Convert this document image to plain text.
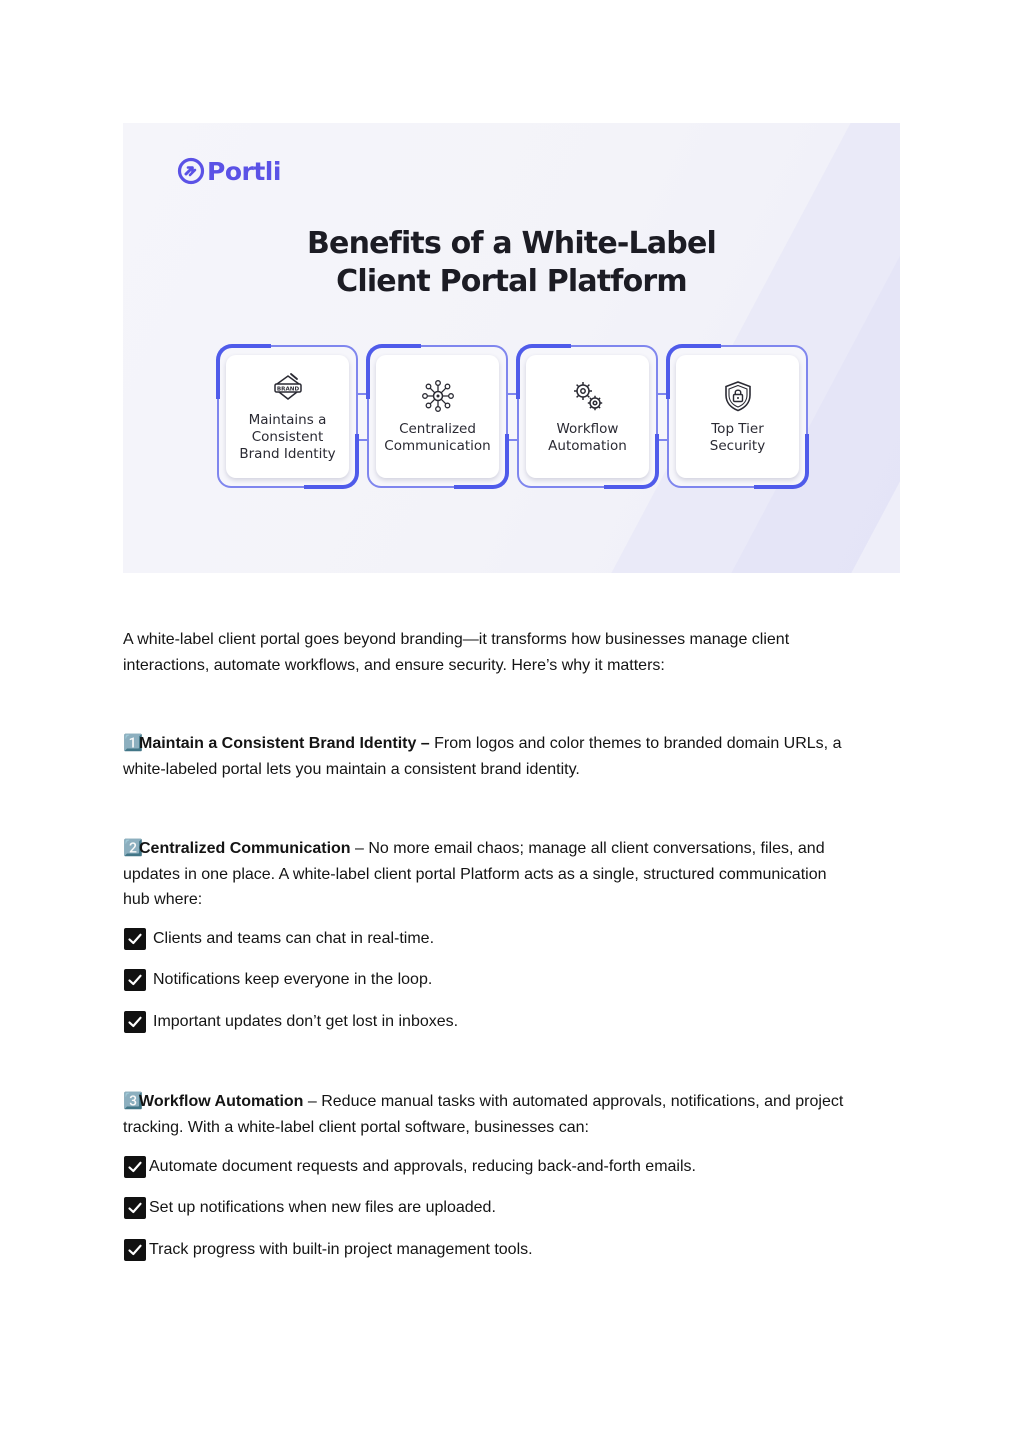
Portli
Benefits of a White-Label
Client Portal Platform
BRAND
Maintains a
Consistent
Brand Identity
Centralized
Communication
Workflow
Automation
Top Tier
Security
A white-label client portal goes beyond branding—it transforms how businesses manage client
interactions, automate workflows, and ensure security. Here’s why it matters:
1️⃣Maintain a Consistent Brand Identity – From logos and color themes to branded domain URLs, a
white-labeled portal lets you maintain a consistent brand identity.
2️⃣Centralized Communication – No more email chaos; manage all client conversations, files, and
updates in one place. A white-label client portal Platform acts as a single, structured communication
hub where:
Clients and teams can chat in real-time.
Notifications keep everyone in the loop.
Important updates don’t get lost in inboxes.
3️⃣Workflow Automation – Reduce manual tasks with automated approvals, notifications, and project
tracking. With a white-label client portal software, businesses can:
Automate document requests and approvals, reducing back-and-forth emails.
Set up notifications when new files are uploaded.
Track progress with built-in project management tools.
